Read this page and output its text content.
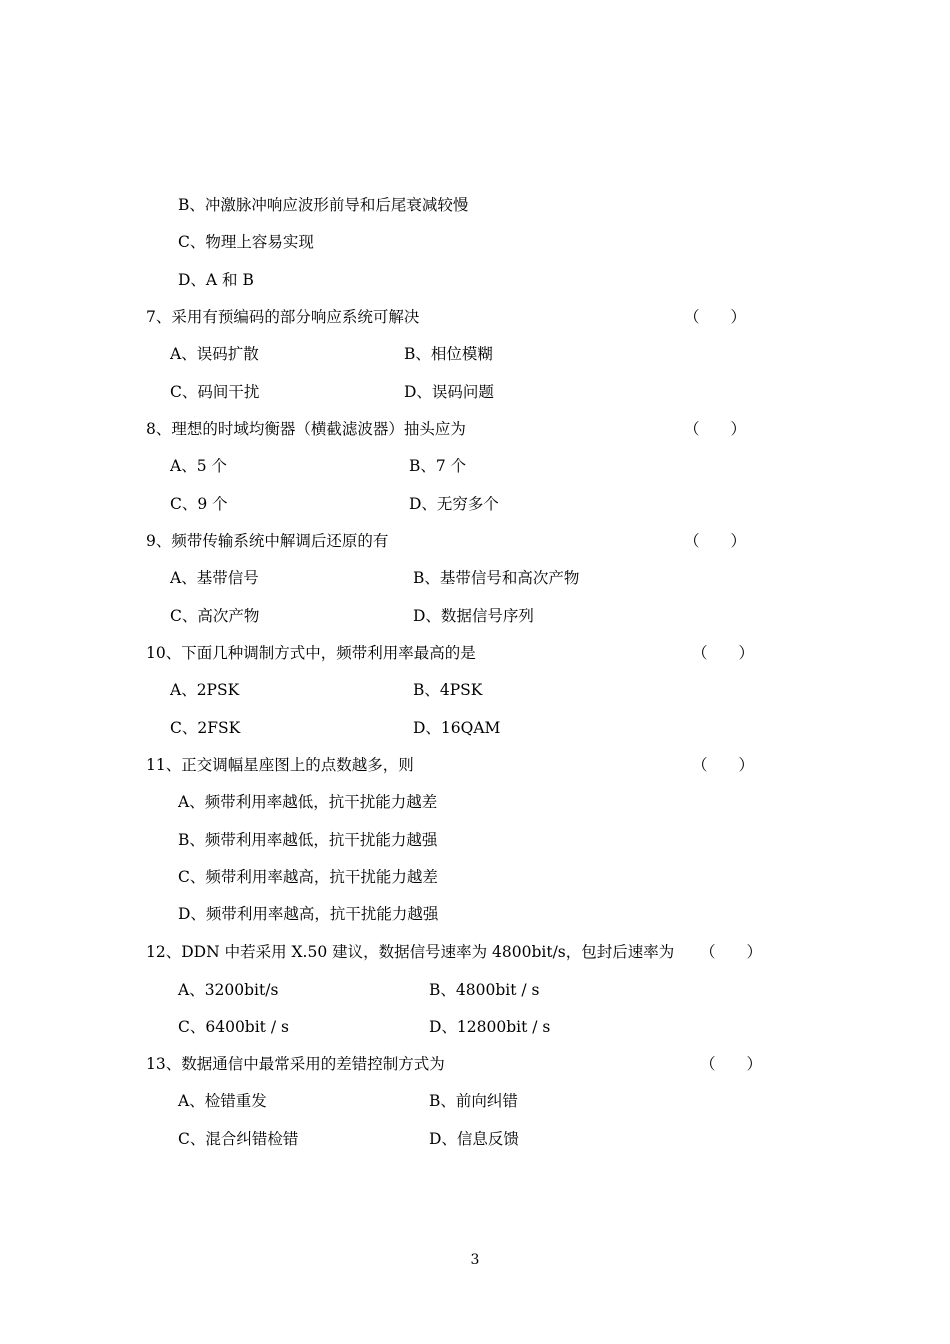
B、冲激脉冲响应波形前导和后尾衰减较慢
C、物理上容易实现
D、A 和 B
7、采用有预编码的部分响应系统可解决	（　　）
A、误码扩散	B、相位模糊
C、码间干扰	D、误码问题
8、理想的时域均衡器（横截滤波器）抽头应为	（　　）
A、5 个	B、7 个
C、9 个	D、无穷多个
9、频带传输系统中解调后还原的有	（　　）
A、基带信号	B、基带信号和高次产物
C、高次产物	D、数据信号序列
10、下面几种调制方式中，频带利用率最高的是	（　　）
A、2PSK	B、4PSK
C、2FSK	D、16QAM
11、正交调幅星座图上的点数越多，则	（　　）
A、频带利用率越低，抗干扰能力越差
B、频带利用率越低，抗干扰能力越强
C、频带利用率越高，抗干扰能力越差
D、频带利用率越高，抗干扰能力越强
12、DDN 中若采用 X.50 建议，数据信号速率为 4800bit/s，包封后速率为 （　　）
A、3200bit/s	B、4800bit / s
C、6400bit / s	D、12800bit / s
13、数据通信中最常采用的差错控制方式为	（　　）
A、检错重发	B、前向纠错
C、混合纠错检错	D、信息反馈
3
